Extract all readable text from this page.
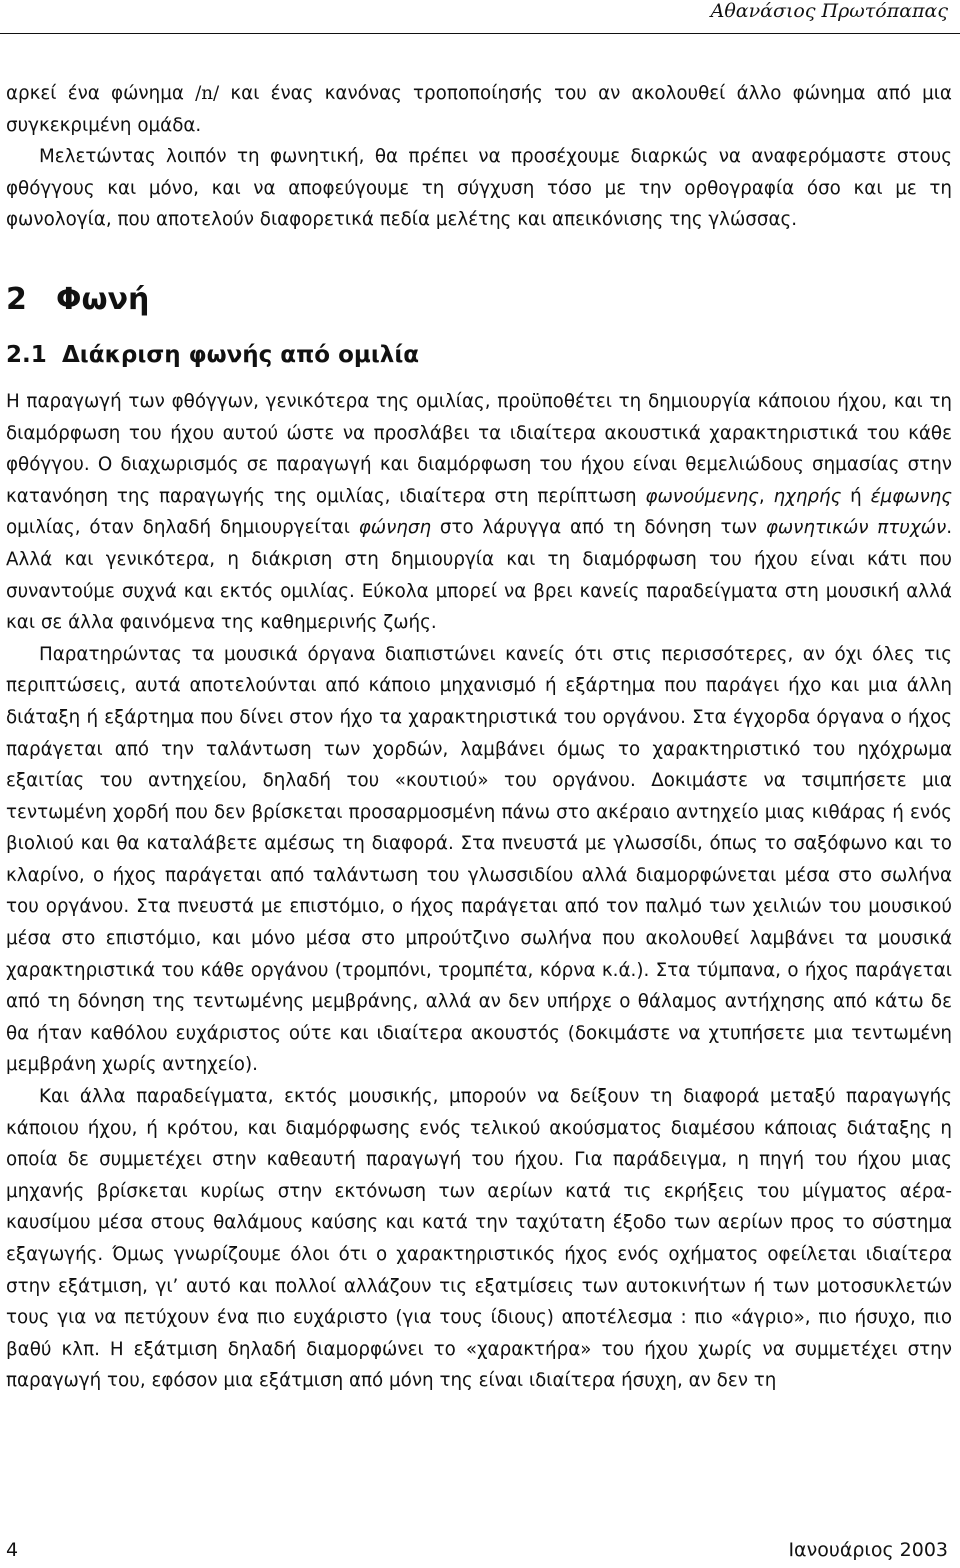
Αθανάσιος Πρωτόπαπας

αρκεί ένα φώνημα /n/ και ένας κανόνας τροποποίησής του αν ακολουθεί άλλο φώνημα από μια συγκεκριμένη ομάδα.

Μελετώντας λοιπόν τη φωνητική, θα πρέπει να προσέχουμε διαρκώς να αναφερόμαστε στους φθόγγους και μόνο, και να αποφεύγουμε τη σύγχυση τόσο με την ορθογραφία όσο και με τη φωνολογία, που αποτελούν διαφορετικά πεδία μελέτης και απεικόνισης της γλώσσας.

2 Φωνή
2.1 Διάκριση φωνής από ομιλία

Η παραγωγή των φθόγγων, γενικότερα της ομιλίας, προϋποθέτει τη δημιουργία κάποιου ήχου, και τη διαμόρφωση του ήχου αυτού ώστε να προσλάβει τα ιδιαίτερα ακουστικά χαρακτηριστικά του κάθε φθόγγου. Ο διαχωρισμός σε παραγωγή και διαμόρφωση του ήχου είναι θεμελιώδους σημασίας στην κατανόηση της παραγωγής της ομιλίας, ιδιαίτερα στη περίπτωση φωνούμενης, ηχηρής ή έμφωνης ομιλίας, όταν δηλαδή δημιουργείται φώνηση στο λάρυγγα από τη δόνηση των φωνητικών πτυχών. Αλλά και γενικότερα, η διάκριση στη δημιουργία και τη διαμόρφωση του ήχου είναι κάτι που συναντούμε συχνά και εκτός ομιλίας. Εύκολα μπορεί να βρει κανείς παραδείγματα στη μουσική αλλά και σε άλλα φαινόμενα της καθημερινής ζωής.

Παρατηρώντας τα μουσικά όργανα διαπιστώνει κανείς ότι στις περισσότερες, αν όχι όλες τις περιπτώσεις, αυτά αποτελούνται από κάποιο μηχανισμό ή εξάρτημα που παράγει ήχο και μια άλλη διάταξη ή εξάρτημα που δίνει στον ήχο τα χαρακτηριστικά του οργάνου. Στα έγχορδα όργανα ο ήχος παράγεται από την ταλάντωση των χορδών, λαμβάνει όμως το χαρακτηριστικό του ηχόχρωμα εξαιτίας του αντηχείου, δηλαδή του «κουτιού» του οργάνου. Δοκιμάστε να τσιμπήσετε μια τεντωμένη χορδή που δεν βρίσκεται προσαρμοσμένη πάνω στο ακέραιο αντηχείο μιας κιθάρας ή ενός βιολιού και θα καταλάβετε αμέσως τη διαφορά. Στα πνευστά με γλωσσίδι, όπως το σαξόφωνο και το κλαρίνο, ο ήχος παράγεται από ταλάντωση του γλωσσιδίου αλλά διαμορφώνεται μέσα στο σωλήνα του οργάνου. Στα πνευστά με επιστόμιο, ο ήχος παράγεται από τον παλμό των χειλιών του μουσικού μέσα στο επιστόμιο, και μόνο μέσα στο μπρούτζινο σωλήνα που ακολουθεί λαμβάνει τα μουσικά χαρακτηριστικά του κάθε οργάνου (τρομπόνι, τρομπέτα, κόρνα κ.ά.). Στα τύμπανα, ο ήχος παράγεται από τη δόνηση της τεντωμένης μεμβράνης, αλλά αν δεν υπήρχε ο θάλαμος αντήχησης από κάτω δε θα ήταν καθόλου ευχάριστος ούτε και ιδιαίτερα ακουστός (δοκιμάστε να χτυπήσετε μια τεντωμένη μεμβράνη χωρίς αντηχείο).

Και άλλα παραδείγματα, εκτός μουσικής, μπορούν να δείξουν τη διαφορά μεταξύ παραγωγής κάποιου ήχου, ή κρότου, και διαμόρφωσης ενός τελικού ακούσματος διαμέσου κάποιας διάταξης η οποία δε συμμετέχει στην καθεαυτή παραγωγή του ήχου. Για παράδειγμα, η πηγή του ήχου μιας μηχανής βρίσκεται κυρίως στην εκτόνωση των αερίων κατά τις εκρήξεις του μίγματος αέρα-καυσίμου μέσα στους θαλάμους καύσης και κατά την ταχύτατη έξοδο των αερίων προς το σύστημα εξαγωγής. Όμως γνωρίζουμε όλοι ότι ο χαρακτηριστικός ήχος ενός οχήματος οφείλεται ιδιαίτερα στην εξάτμιση, γι’ αυτό και πολλοί αλλάζουν τις εξατμίσεις των αυτοκινήτων ή των μοτοσυκλετών τους για να πετύχουν ένα πιο ευχάριστο (για τους ίδιους) αποτέλεσμα : πιο «άγριο», πιο ήσυχο, πιο βαθύ κλπ. Η εξάτμιση δηλαδή διαμορφώνει το «χαρακτήρα» του ήχου χωρίς να συμμετέχει στην παραγωγή του, εφόσον μια εξάτμιση από μόνη της είναι ιδιαίτερα ήσυχη, αν δεν τη

4	Ιανουάριος 2003
